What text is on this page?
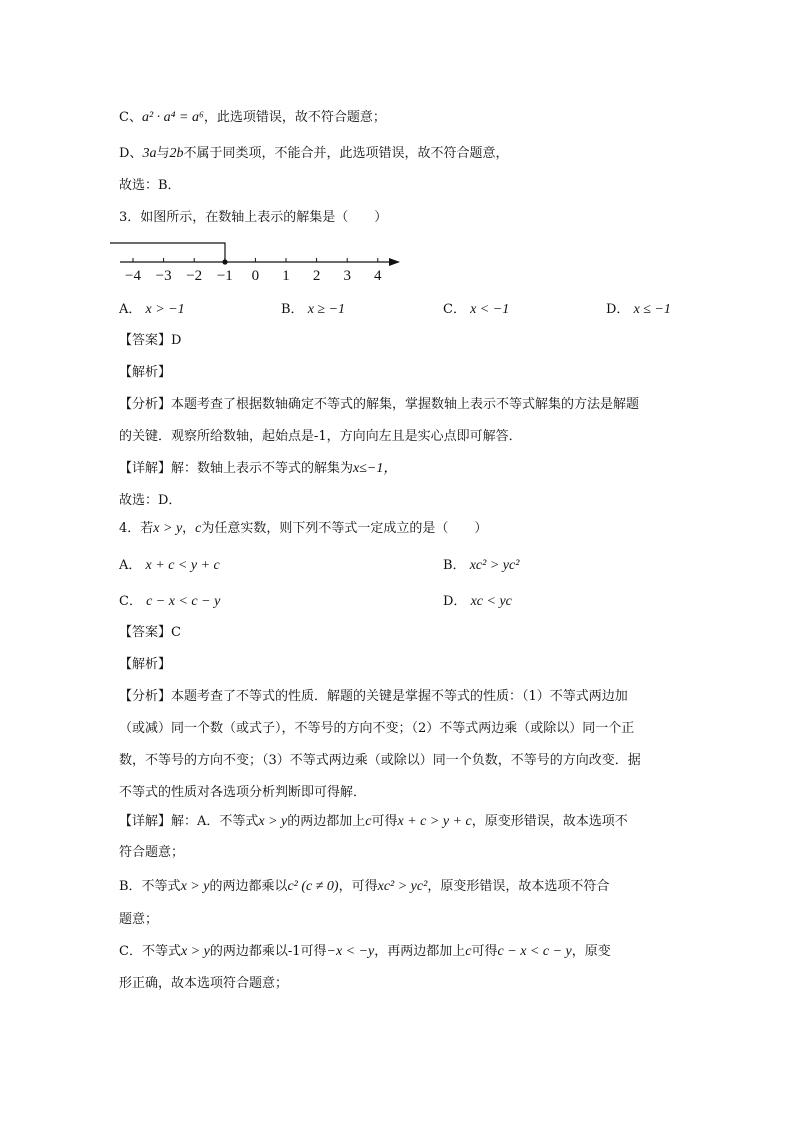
C、a² · a⁴ = a⁶，此选项错误，故不符合题意；
D、3a与2b不属于同类项，不能合并，此选项错误，故不符合题意，
故选：B．
3．如图所示，在数轴上表示的解集是（　　）
−4 −3 −2 −1 0 1 2 3 4
A． x > −1	B． x ≥ −1	C． x < −1	D． x ≤ −1
【答案】D
【解析】
【分析】本题考查了根据数轴确定不等式的解集，掌握数轴上表示不等式解集的方法是解题
的关键．观察所给数轴，起始点是-1，方向向左且是实心点即可解答．
【详解】解：数轴上表示不等式的解集为x≤−1，
故选：D．
4．若x > y，c为任意实数，则下列不等式一定成立的是（　　）
A． x + c < y + c	B． xc² > yc²
C． c − x < c − y	D． xc < yc
【答案】C
【解析】
【分析】本题考查了不等式的性质．解题的关键是掌握不等式的性质：（1）不等式两边加
（或减）同一个数（或式子），不等号的方向不变；（2）不等式两边乘（或除以）同一个正
数，不等号的方向不变；（3）不等式两边乘（或除以）同一个负数，不等号的方向改变．据
不等式的性质对各选项分析判断即可得解．
【详解】解：A．不等式x > y的两边都加上c可得x + c > y + c，原变形错误，故本选项不
符合题意；
B．不等式x > y的两边都乘以c² (c ≠ 0)，可得xc² > yc²，原变形错误，故本选项不符合
题意；
C．不等式x > y的两边都乘以-1可得−x < −y，再两边都加上c可得c − x < c − y，原变
形正确，故本选项符合题意；
